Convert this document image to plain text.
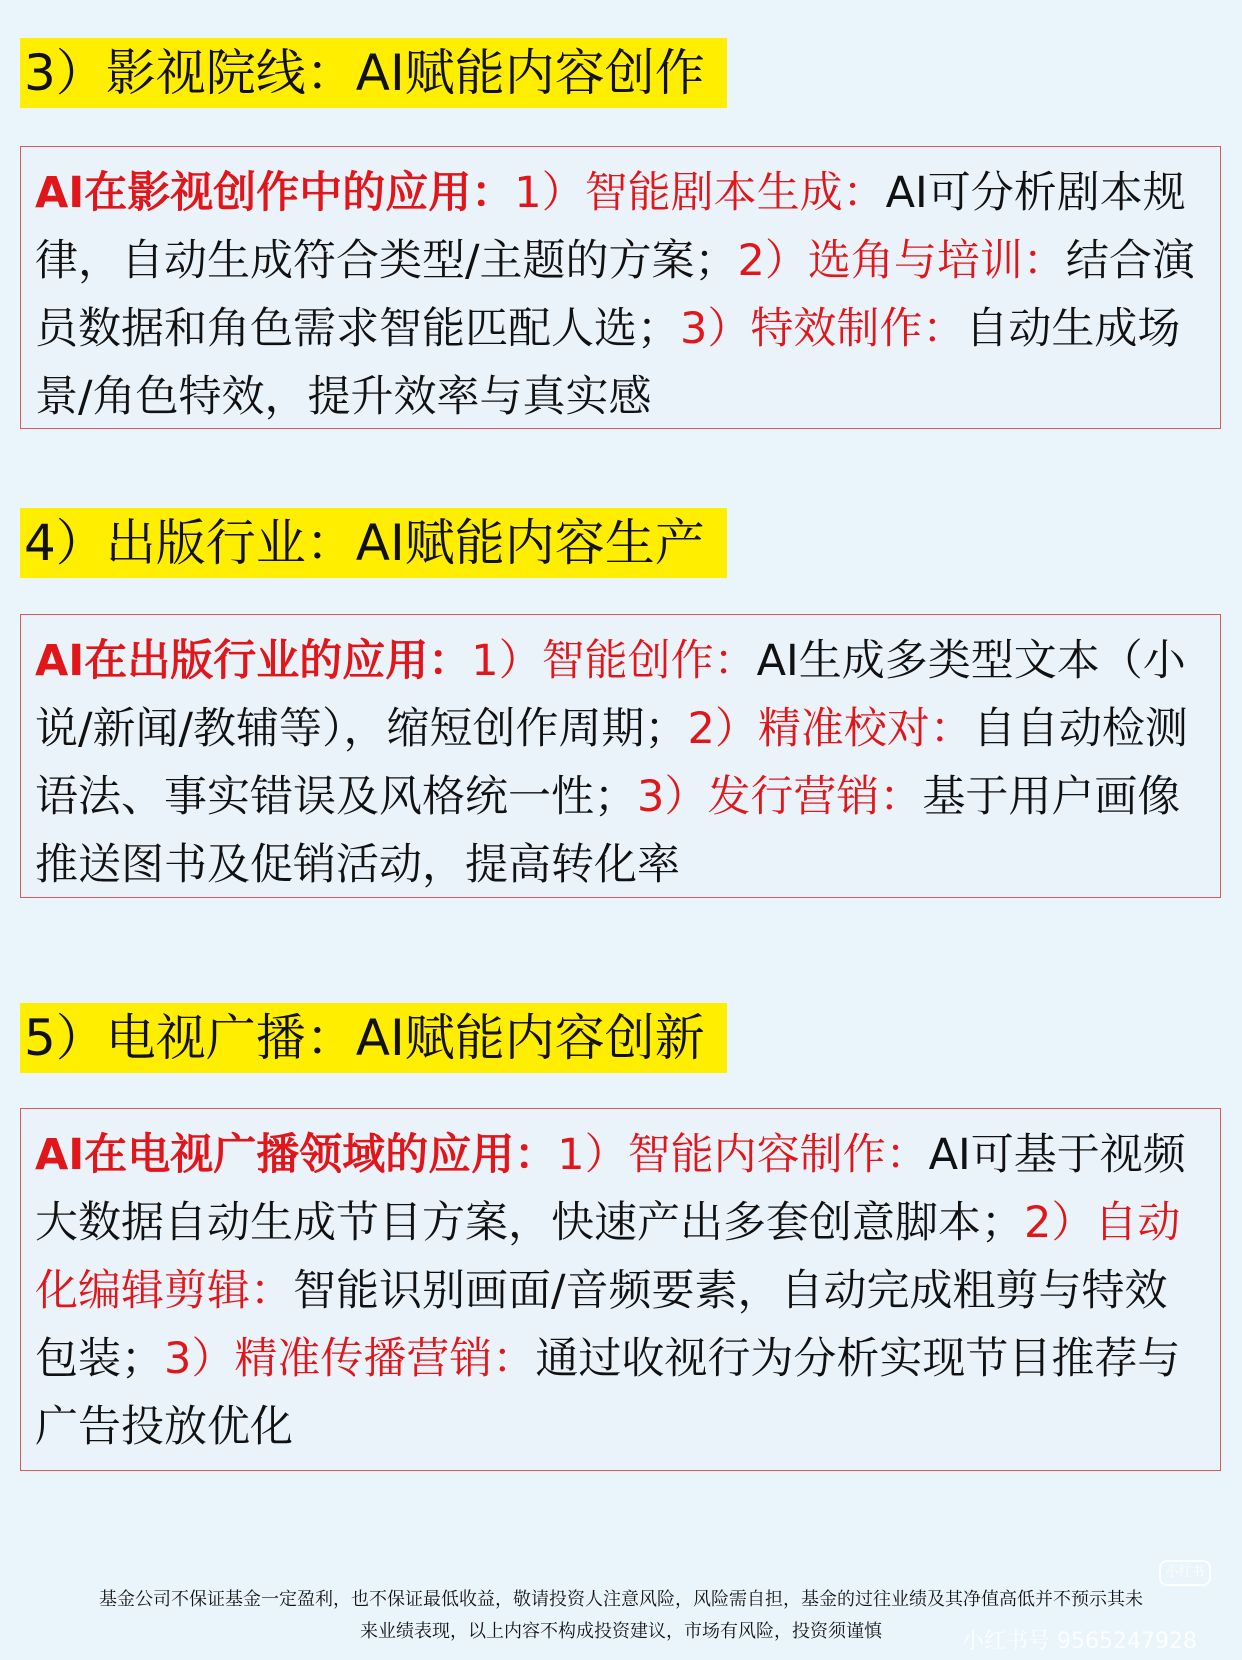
3）影视院线：AI赋能内容创作
AI在影视创作中的应用：1）智能剧本生成：AI可分析剧本规律，自动生成符合类型/主题的方案；2）选角与培训：结合演员数据和角色需求智能匹配人选；3）特效制作：自动生成场景/角色特效，提升效率与真实感
4）出版行业：AI赋能内容生产
AI在出版行业的应用：1）智能创作：AI生成多类型文本（小说/新闻/教辅等），缩短创作周期；2）精准校对：自自动检测语法、事实错误及风格统一性；3）发行营销：基于用户画像推送图书及促销活动，提高转化率
5）电视广播：AI赋能内容创新
AI在电视广播领域的应用：1）智能内容制作：AI可基于视频大数据自动生成节目方案，快速产出多套创意脚本；2）自动化编辑剪辑：智能识别画面/音频要素，自动完成粗剪与特效包装；3）精准传播营销：通过收视行为分析实现节目推荐与广告投放优化
基金公司不保证基金一定盈利，也不保证最低收益，敬请投资人注意风险，风险需自担，基金的过往业绩及其净值高低并不预示其未
来业绩表现，以上内容不构成投资建议，市场有风险，投资须谨慎
小红书
小红书号 9565247928
